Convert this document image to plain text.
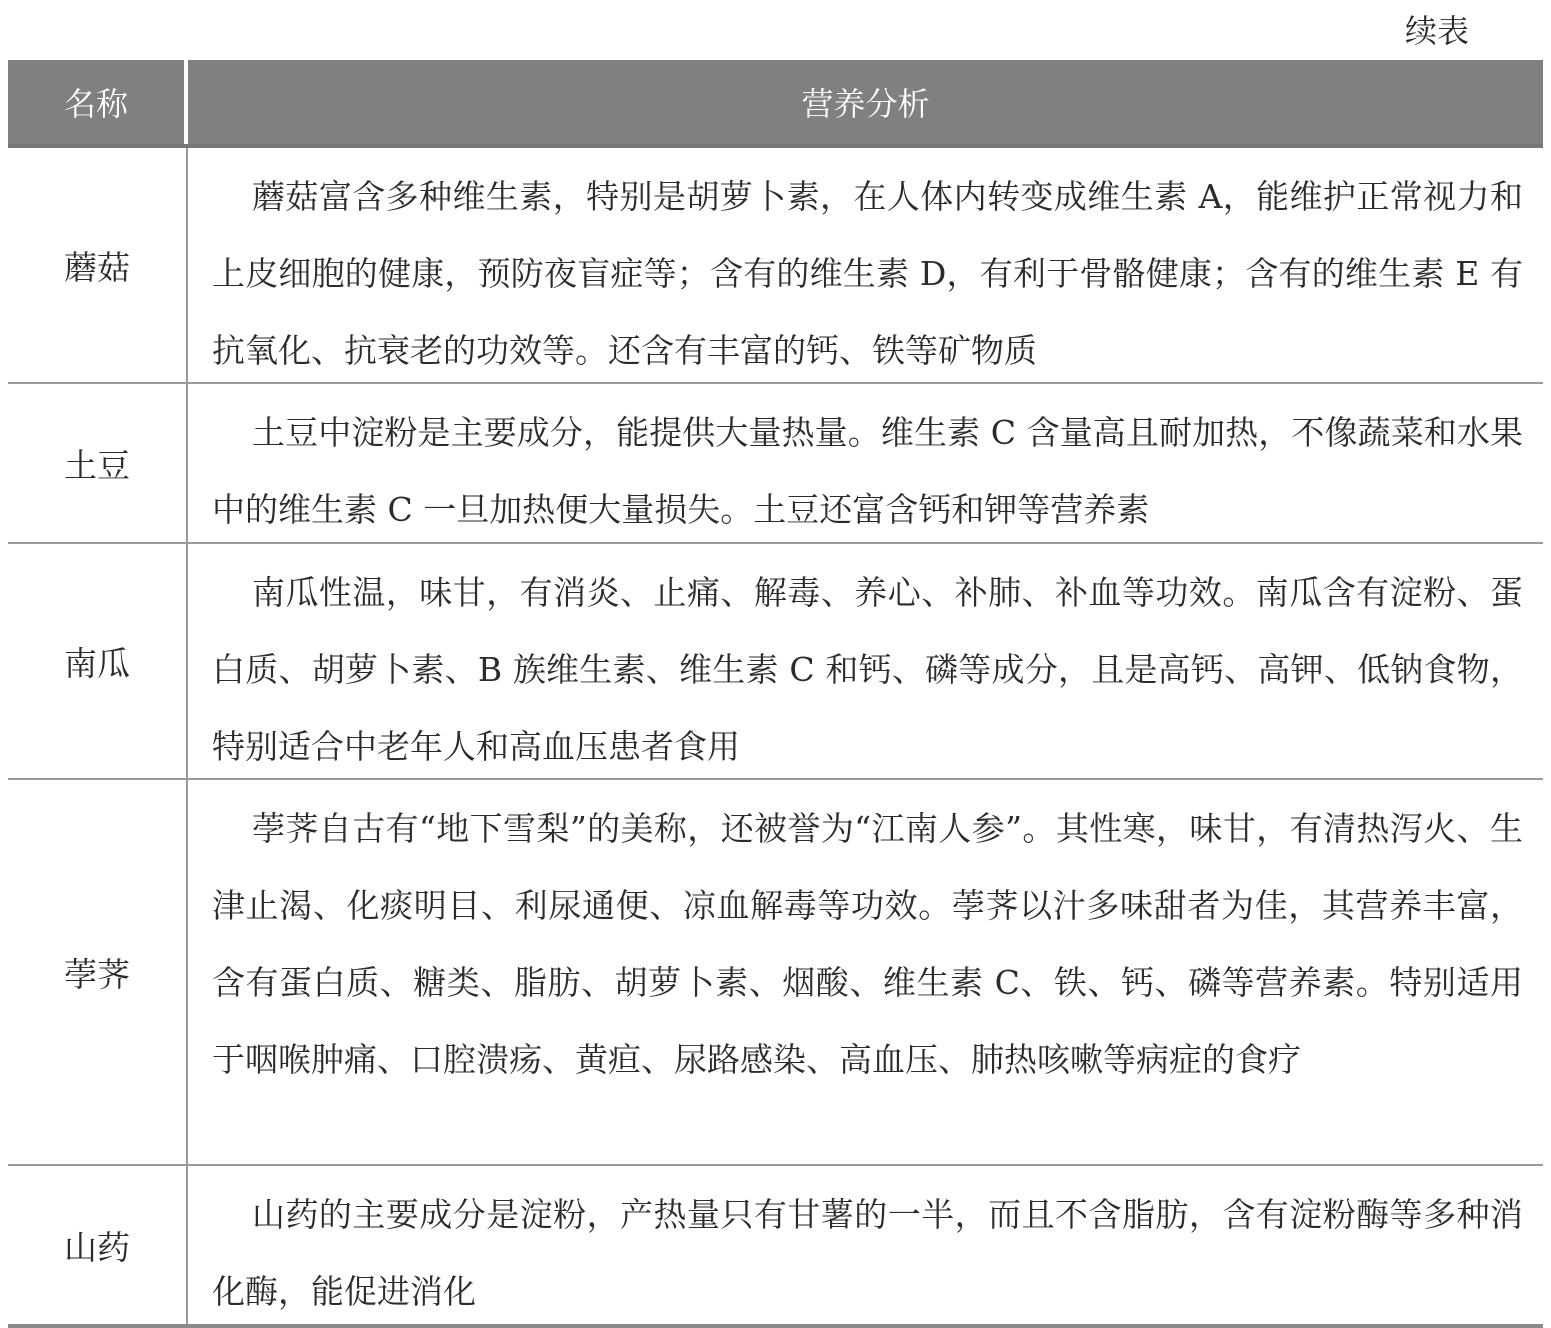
续表
名称	营养分析
蘑菇
蘑菇富含多种维生素，特别是胡萝卜素，在人体内转变成维生素 A，能维护正常视力和上皮细胞的健康，预防夜盲症等；含有的维生素 D，有利于骨骼健康；含有的维生素 E 有抗氧化、抗衰老的功效等。还含有丰富的钙、铁等矿物质
土豆
土豆中淀粉是主要成分，能提供大量热量。维生素 C 含量高且耐加热，不像蔬菜和水果中的维生素 C 一旦加热便大量损失。土豆还富含钙和钾等营养素
南瓜
南瓜性温，味甘，有消炎、止痛、解毒、养心、补肺、补血等功效。南瓜含有淀粉、蛋白质、胡萝卜素、B 族维生素、维生素 C 和钙、磷等成分，且是高钙、高钾、低钠食物，特别适合中老年人和高血压患者食用
荸荠
荸荠自古有“地下雪梨”的美称，还被誉为“江南人参”。其性寒，味甘，有清热泻火、生津止渴、化痰明目、利尿通便、凉血解毒等功效。荸荠以汁多味甜者为佳，其营养丰富，含有蛋白质、糖类、脂肪、胡萝卜素、烟酸、维生素 C、铁、钙、磷等营养素。特别适用于咽喉肿痛、口腔溃疡、黄疸、尿路感染、高血压、肺热咳嗽等病症的食疗
山药
山药的主要成分是淀粉，产热量只有甘薯的一半，而且不含脂肪，含有淀粉酶等多种消化酶，能促进消化
